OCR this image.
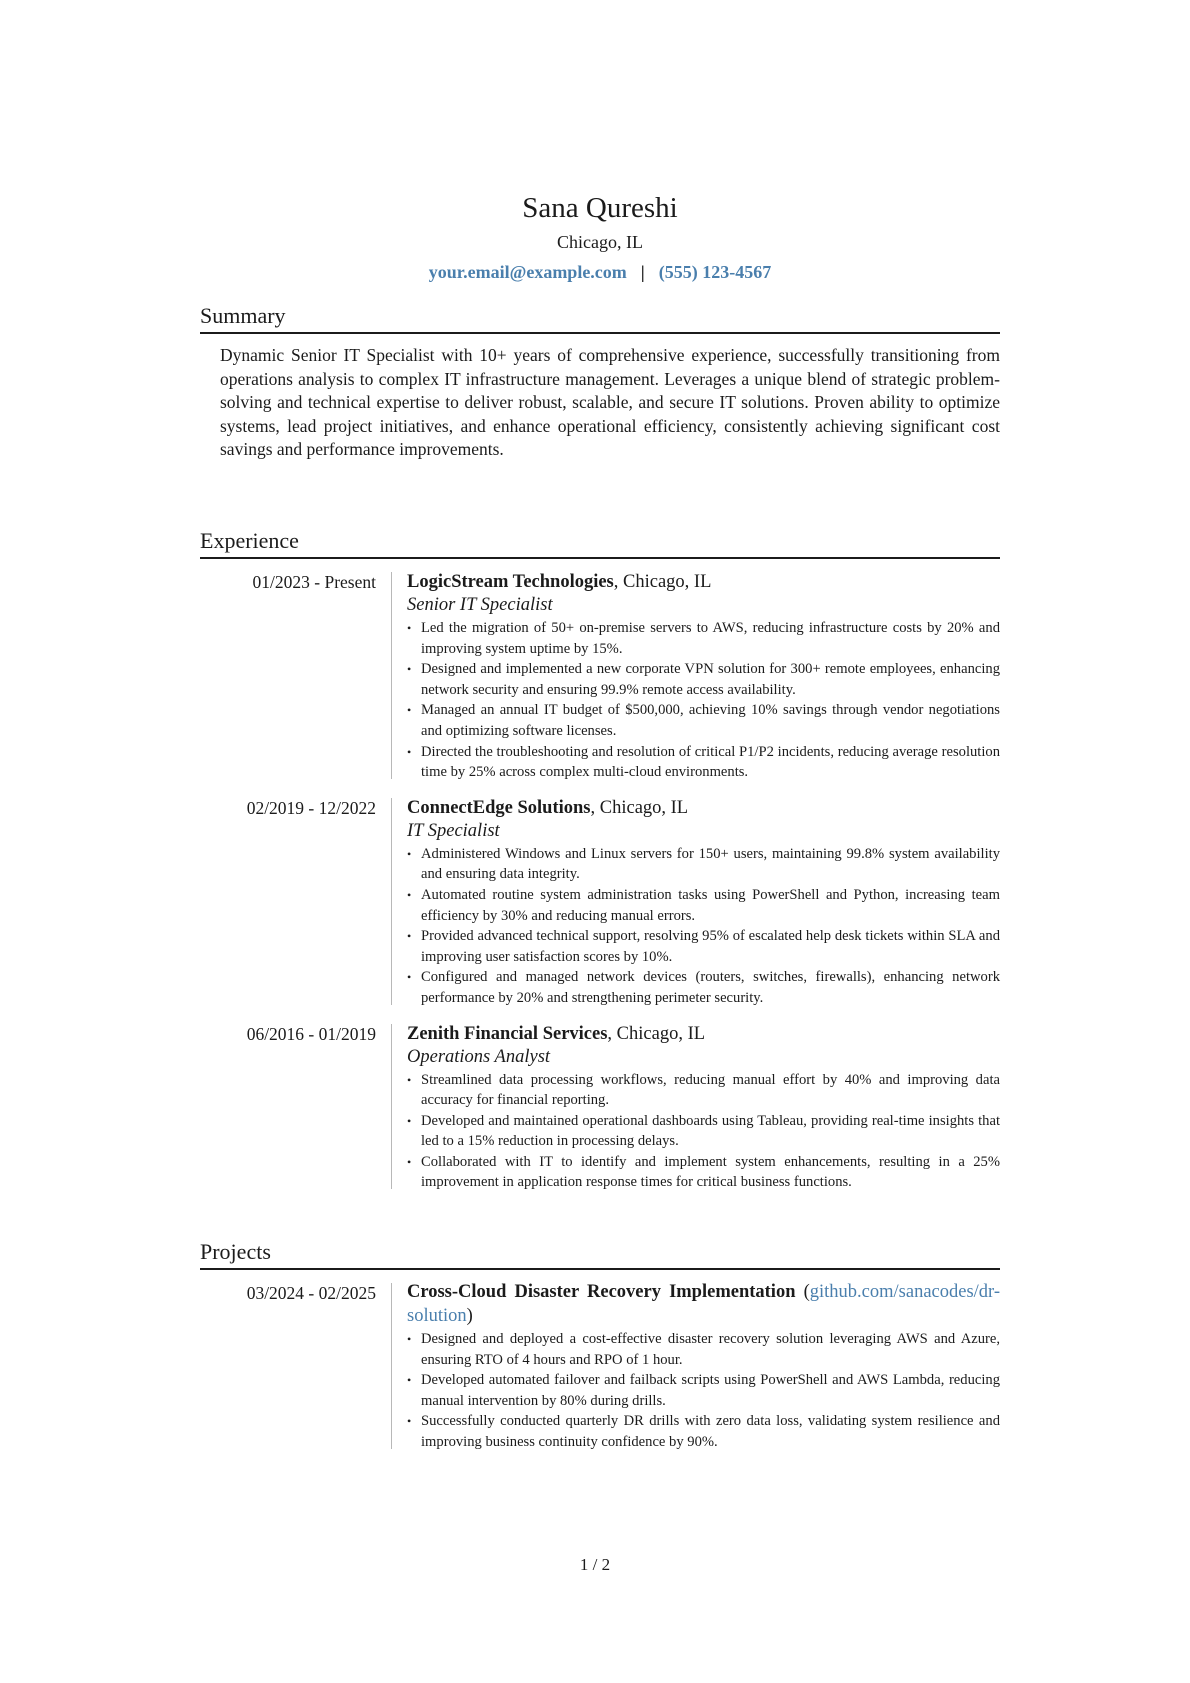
Sana Qureshi
Chicago, IL
your.email@example.com | (555) 123-4567
Summary

Dynamic Senior IT Specialist with 10+ years of comprehensive experience, successfully transitioning from operations analysis to complex IT infrastructure management. Leverages a unique blend of strategic problem-solving and technical expertise to deliver robust, scalable, and secure IT solutions. Proven ability to optimize systems, lead project initiatives, and enhance operational efficiency, consistently achieving significant cost savings and performance improvements.

Experience
01/2023 - Present LogicStream Technologies, Chicago, IL
Senior IT Specialist
• Led the migration of 50+ on-premise servers to AWS, reducing infrastructure costs by 20% and improving system uptime by 15%.
• Designed and implemented a new corporate VPN solution for 300+ remote employees, enhancing network security and ensuring 99.9% remote access availability.
• Managed an annual IT budget of $500,000, achieving 10% savings through vendor negotiations and optimizing software licenses.
• Directed the troubleshooting and resolution of critical P1/P2 incidents, reducing average resolution time by 25% across complex multi-cloud environments.
02/2019 - 12/2022 ConnectEdge Solutions, Chicago, IL
IT Specialist
• Administered Windows and Linux servers for 150+ users, maintaining 99.8% system availability and ensuring data integrity.
• Automated routine system administration tasks using PowerShell and Python, increasing team efficiency by 30% and reducing manual errors.
• Provided advanced technical support, resolving 95% of escalated help desk tickets within SLA and improving user satisfaction scores by 10%.
• Configured and managed network devices (routers, switches, firewalls), enhancing network performance by 20% and strengthening perimeter security.
06/2016 - 01/2019 Zenith Financial Services, Chicago, IL
Operations Analyst
• Streamlined data processing workflows, reducing manual effort by 40% and improving data accuracy for financial reporting.
• Developed and maintained operational dashboards using Tableau, providing real-time insights that led to a 15% reduction in processing delays.
• Collaborated with IT to identify and implement system enhancements, resulting in a 25% improvement in application response times for critical business functions.
Projects
03/2024 - 02/2025 Cross-Cloud Disaster Recovery Implementation (github.com/sanacodes/dr-solution)
• Designed and deployed a cost-effective disaster recovery solution leveraging AWS and Azure, ensuring RTO of 4 hours and RPO of 1 hour.
• Developed automated failover and failback scripts using PowerShell and AWS Lambda, reducing manual intervention by 80% during drills.
• Successfully conducted quarterly DR drills with zero data loss, validating system resilience and improving business continuity confidence by 90%.
1 / 2
